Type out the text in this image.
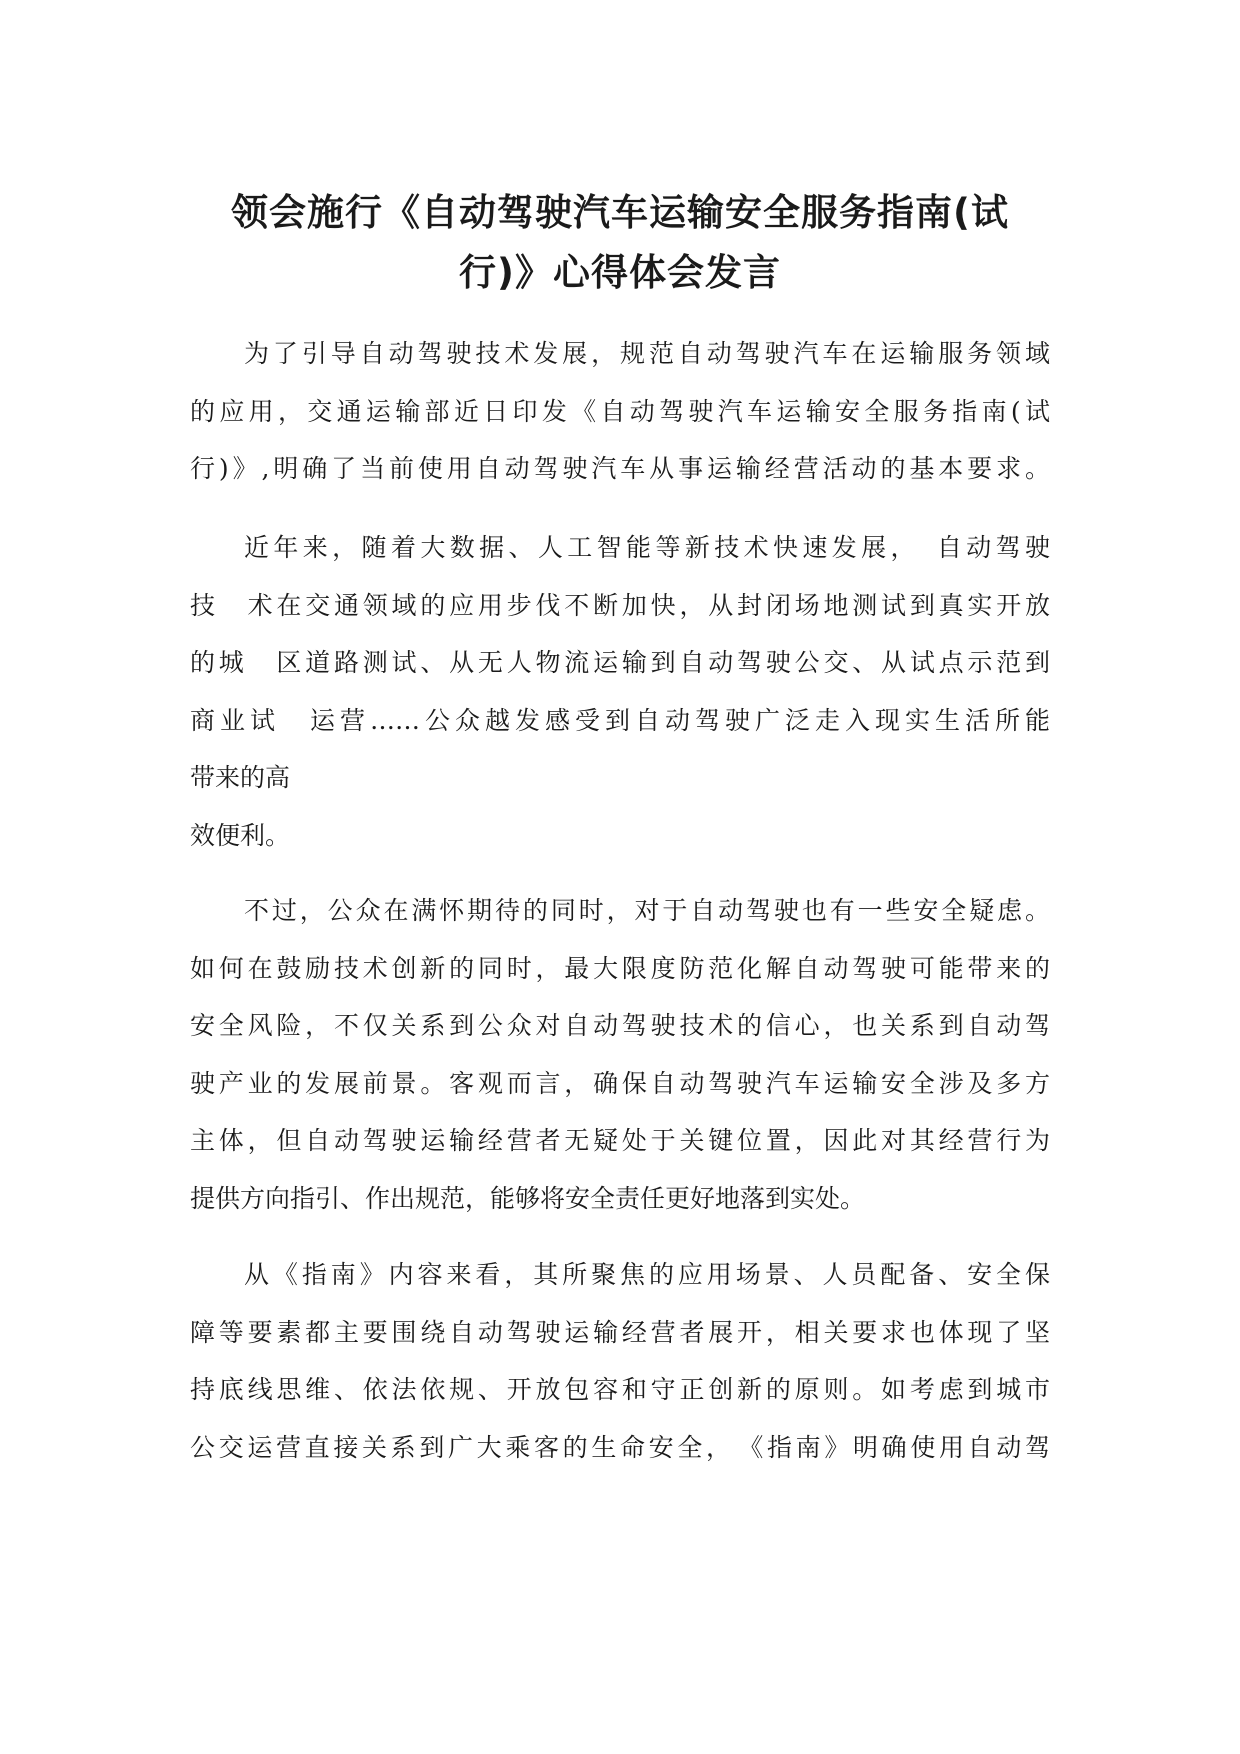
领会施行《自动驾驶汽车运输安全服务指南(试
行)》心得体会发言
为了引导自动驾驶技术发展，规范自动驾驶汽车在运输服务领域
的应用，交通运输部近日印发《自动驾驶汽车运输安全服务指南(试
行)》,明确了当前使用自动驾驶汽车从事运输经营活动的基本要求。
近年来，随着大数据、人工智能等新技术快速发展，　自动驾驶
技　术在交通领域的应用步伐不断加快，从封闭场地测试到真实开放
的城　区道路测试、从无人物流运输到自动驾驶公交、从试点示范到
商业试　运营……公众越发感受到自动驾驶广泛走入现实生活所能
带来的高
效便利。
不过，公众在满怀期待的同时，对于自动驾驶也有一些安全疑虑。
如何在鼓励技术创新的同时，最大限度防范化解自动驾驶可能带来的
安全风险，不仅关系到公众对自动驾驶技术的信心，也关系到自动驾
驶产业的发展前景。客观而言，确保自动驾驶汽车运输安全涉及多方
主体，但自动驾驶运输经营者无疑处于关键位置，因此对其经营行为
提供方向指引、作出规范，能够将安全责任更好地落到实处。
从《指南》内容来看，其所聚焦的应用场景、人员配备、安全保
障等要素都主要围绕自动驾驶运输经营者展开，相关要求也体现了坚
持底线思维、依法依规、开放包容和守正创新的原则。如考虑到城市
公交运营直接关系到广大乘客的生命安全，　《指南》明确使用自动驾
